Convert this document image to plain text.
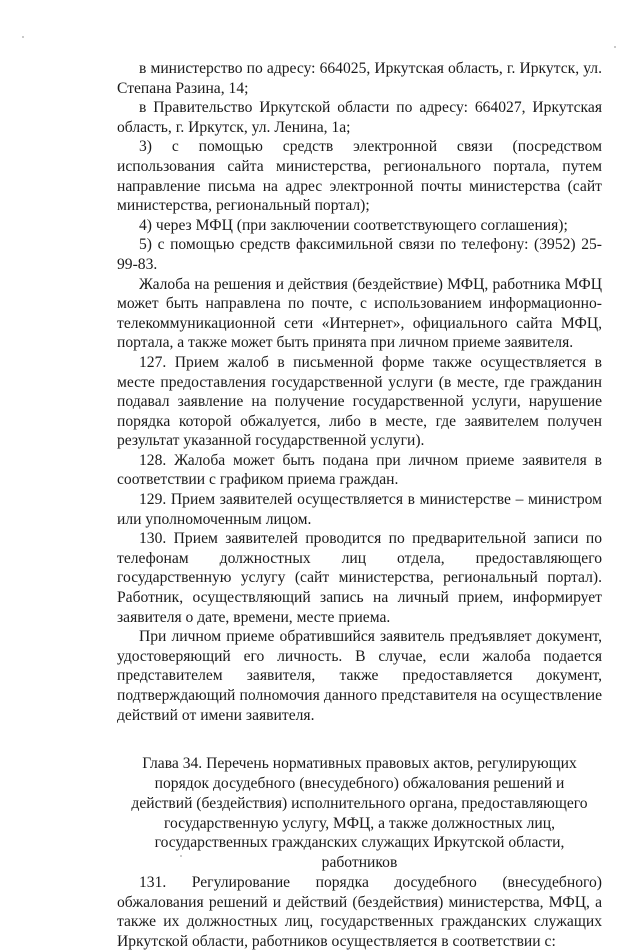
в министерство по адресу: 664025, Иркутская область, г. Иркутск, ул. Степана Разина, 14;

в Правительство Иркутской области по адресу: 664027, Иркутская область, г. Иркутск, ул. Ленина, 1а;

3) с помощью средств электронной связи (посредством использования сайта министерства, регионального портала, путем направление письма на адрес электронной почты министерства (сайт министерства, региональный портал);

4) через МФЦ (при заключении соответствующего соглашения);

5) с помощью средств факсимильной связи по телефону: (3952) 25-99-83.

Жалоба на решения и действия (бездействие) МФЦ, работника МФЦ может быть направлена по почте, с использованием информационно-телекоммуникационной сети «Интернет», официального сайта МФЦ, портала, а также может быть принята при личном приеме заявителя.

127. Прием жалоб в письменной форме также осуществляется в месте предоставления государственной услуги (в месте, где гражданин подавал заявление на получение государственной услуги, нарушение порядка которой обжалуется, либо в месте, где заявителем получен результат указанной государственной услуги).

128. Жалоба может быть подана при личном приеме заявителя в соответствии с графиком приема граждан.

129. Прием заявителей осуществляется в министерстве – министром или уполномоченным лицом.

130. Прием заявителей проводится по предварительной записи по телефонам должностных лиц отдела, предоставляющего государственную услугу (сайт министерства, региональный портал). Работник, осуществляющий запись на личный прием, информирует заявителя о дате, времени, месте приема.

При личном приеме обратившийся заявитель предъявляет документ, удостоверяющий его личность. В случае, если жалоба подается представителем заявителя, также предоставляется документ, подтверждающий полномочия данного представителя на осуществление действий от имени заявителя.

Глава 34. Перечень нормативных правовых актов, регулирующих порядок досудебного (внесудебного) обжалования решений и действий (бездействия) исполнительного органа, предоставляющего государственную услугу, МФЦ, а также должностных лиц, государственных гражданских служащих Иркутской области, работников

131. Регулирование порядка досудебного (внесудебного) обжалования решений и действий (бездействия) министерства, МФЦ, а также их должностных лиц, государственных гражданских служащих Иркутской области, работников осуществляется в соответствии с:
